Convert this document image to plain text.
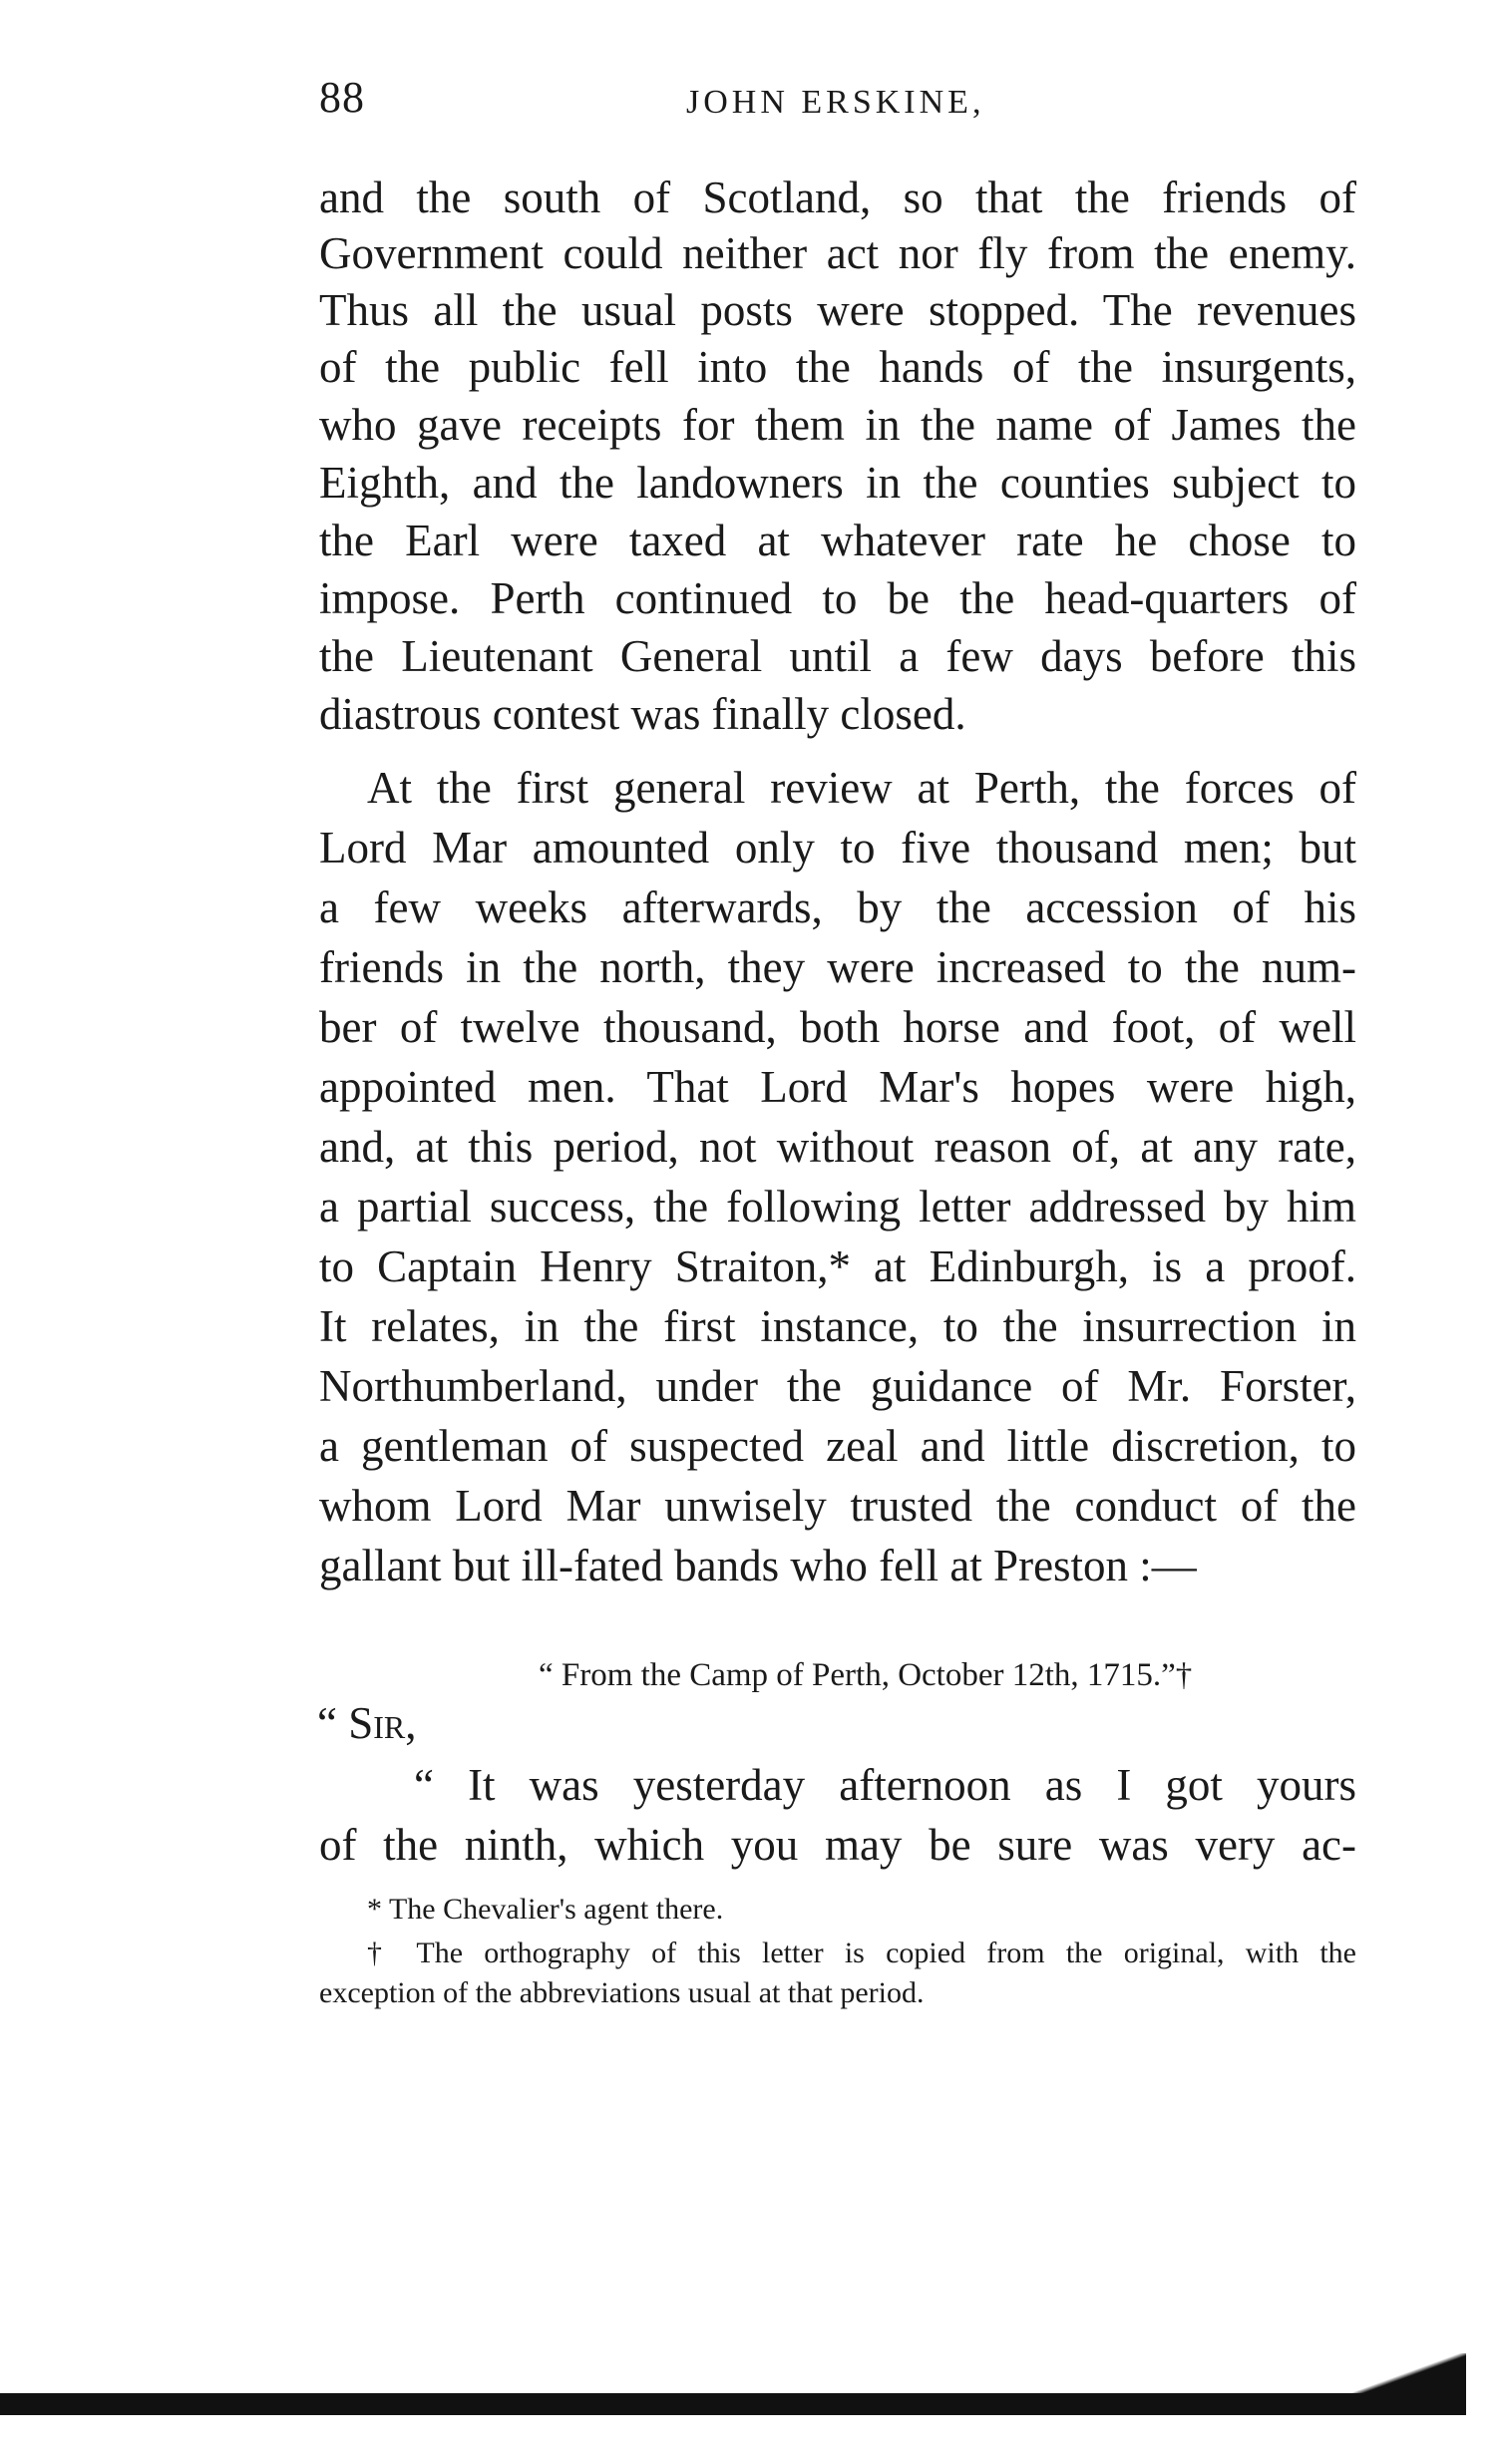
88	JOHN ERSKINE,
and the south of Scotland, so that the friends of
Government could neither act nor fly from the enemy.
Thus all the usual posts were stopped. The revenues
of the public fell into the hands of the insurgents,
who gave receipts for them in the name of James the
Eighth, and the landowners in the counties subject to
the Earl were taxed at whatever rate he chose to
impose. Perth continued to be the head-quarters of
the Lieutenant General until a few days before this
diastrous contest was finally closed.
At the first general review at Perth, the forces of
Lord Mar amounted only to five thousand men; but
a few weeks afterwards, by the accession of his
friends in the north, they were increased to the num-
ber of twelve thousand, both horse and foot, of well
appointed men. That Lord Mar's hopes were high,
and, at this period, not without reason of, at any rate,
a partial success, the following letter addressed by him
to Captain Henry Straiton,* at Edinburgh, is a proof.
It relates, in the first instance, to the insurrection in
Northumberland, under the guidance of Mr. Forster,
a gentleman of suspected zeal and little discretion, to
whom Lord Mar unwisely trusted the conduct of the
gallant but ill-fated bands who fell at Preston :—
“ From the Camp of Perth, October 12th, 1715.”†
“ Sir,
“ It was yesterday afternoon as I got yours
of the ninth, which you may be sure was very ac-
* The Chevalier's agent there.
† The orthography of this letter is copied from the original, with the
exception of the abbreviations usual at that period.
